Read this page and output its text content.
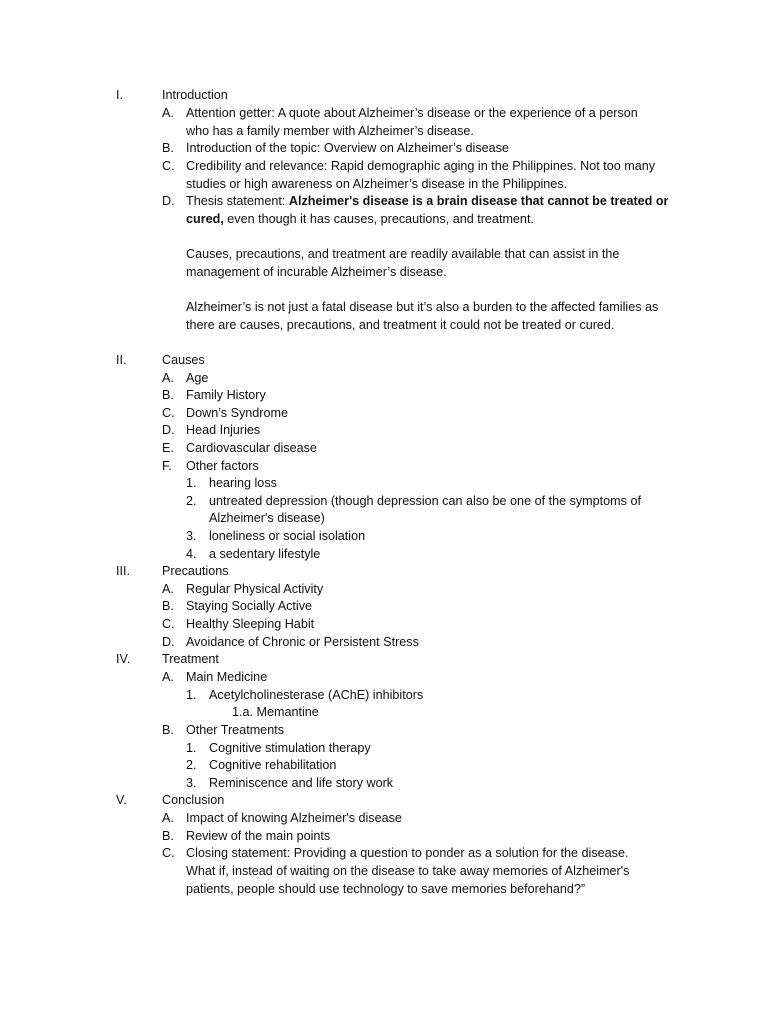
I.	Introduction
A. Attention getter: A quote about Alzheimer’s disease or the experience of a person
who has a family member with Alzheimer’s disease.
B. Introduction of the topic: Overview on Alzheimer’s disease
C. Credibility and relevance: Rapid demographic aging in the Philippines. Not too many
studies or high awareness on Alzheimer’s disease in the Philippines.
D. Thesis statement: Alzheimer's disease is a brain disease that cannot be treated or
cured, even though it has causes, precautions, and treatment.
Causes, precautions, and treatment are readily available that can assist in the
management of incurable Alzheimer’s disease.
Alzheimer’s is not just a fatal disease but it’s also a burden to the affected families as
there are causes, precautions, and treatment it could not be treated or cured.
II.	Causes
A. Age
B. Family History
C. Down’s Syndrome
D. Head Injuries
E. Cardiovascular disease
F. Other factors
1. hearing loss
2. untreated depression (though depression can also be one of the symptoms of
Alzheimer's disease)
3. loneliness or social isolation
4. a sedentary lifestyle
III.	Precautions
A. Regular Physical Activity
B. Staying Socially Active
C. Healthy Sleeping Habit
D. Avoidance of Chronic or Persistent Stress
IV.	Treatment
A. Main Medicine
1. Acetylcholinesterase (AChE) inhibitors
1.a. Memantine
B. Other Treatments
1. Cognitive stimulation therapy
2. Cognitive rehabilitation
3. Reminiscence and life story work
V.	Conclusion
A. Impact of knowing Alzheimer's disease
B. Review of the main points
C. Closing statement: Providing a question to ponder as a solution for the disease.
What if, instead of waiting on the disease to take away memories of Alzheimer's
patients, people should use technology to save memories beforehand?”
